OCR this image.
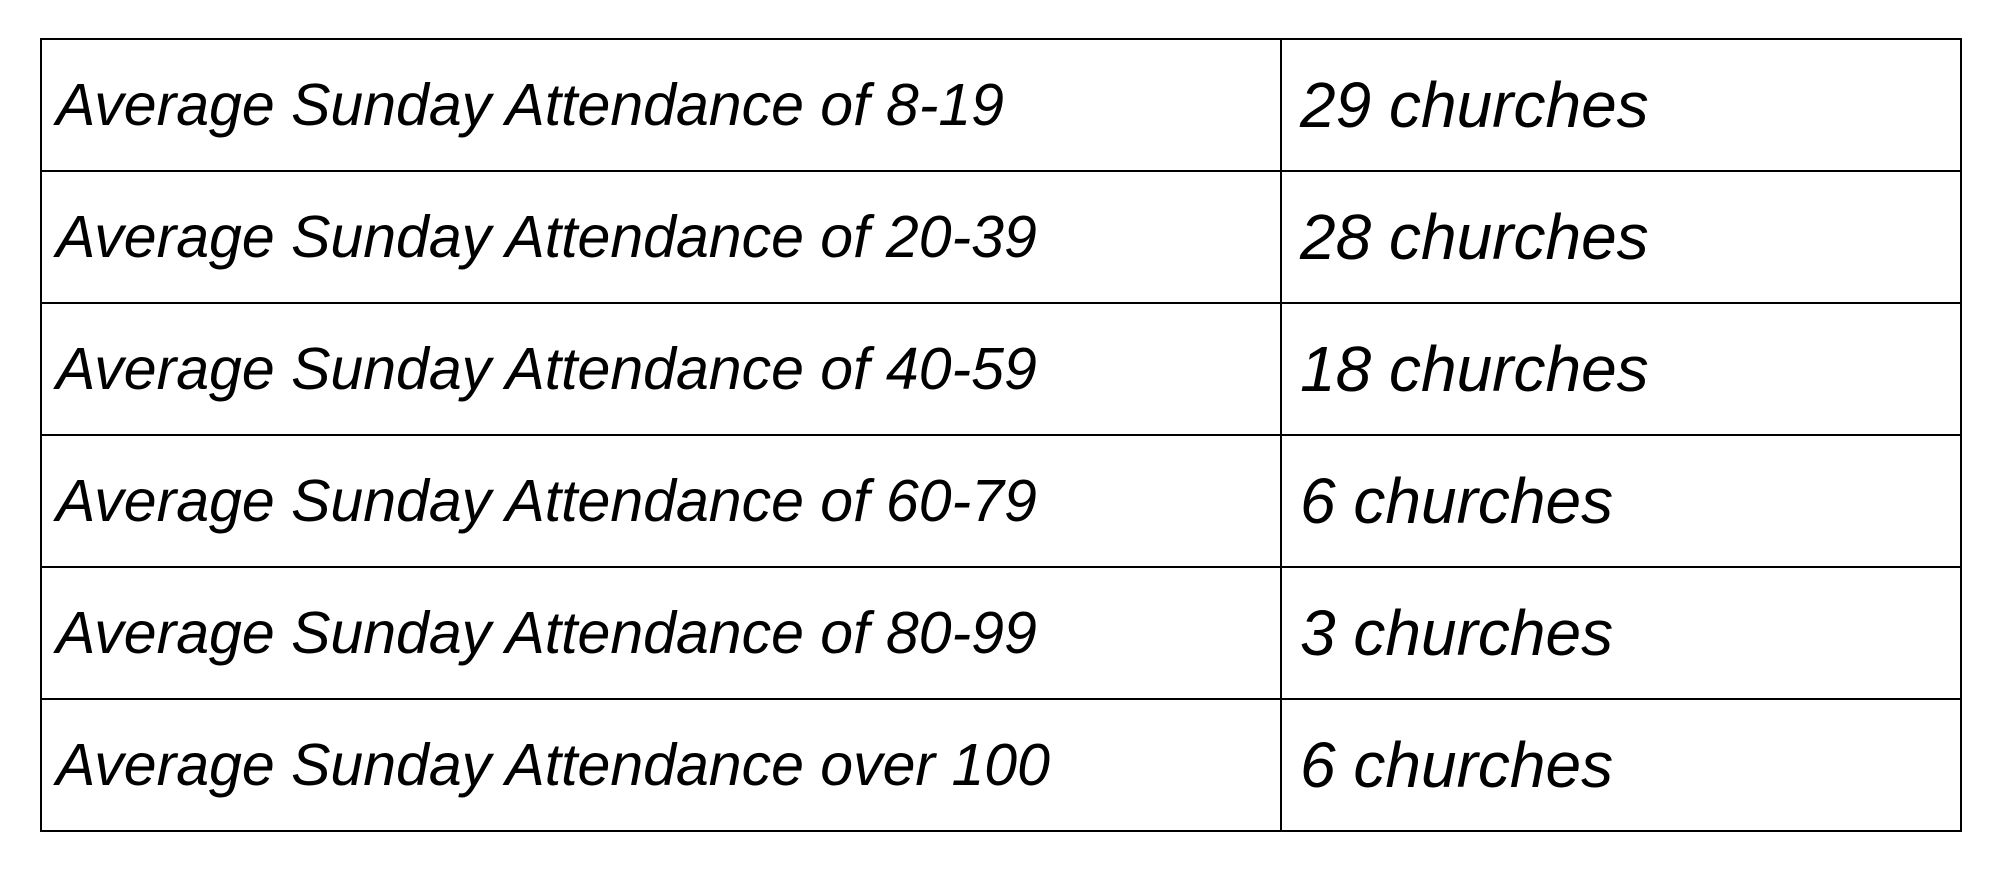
Average Sunday Attendance of 8-19	29 churches
Average Sunday Attendance of 20-39	28 churches
Average Sunday Attendance of 40-59	18 churches
Average Sunday Attendance of 60-79	6 churches
Average Sunday Attendance of 80-99	3 churches
Average Sunday Attendance over 100	6 churches
